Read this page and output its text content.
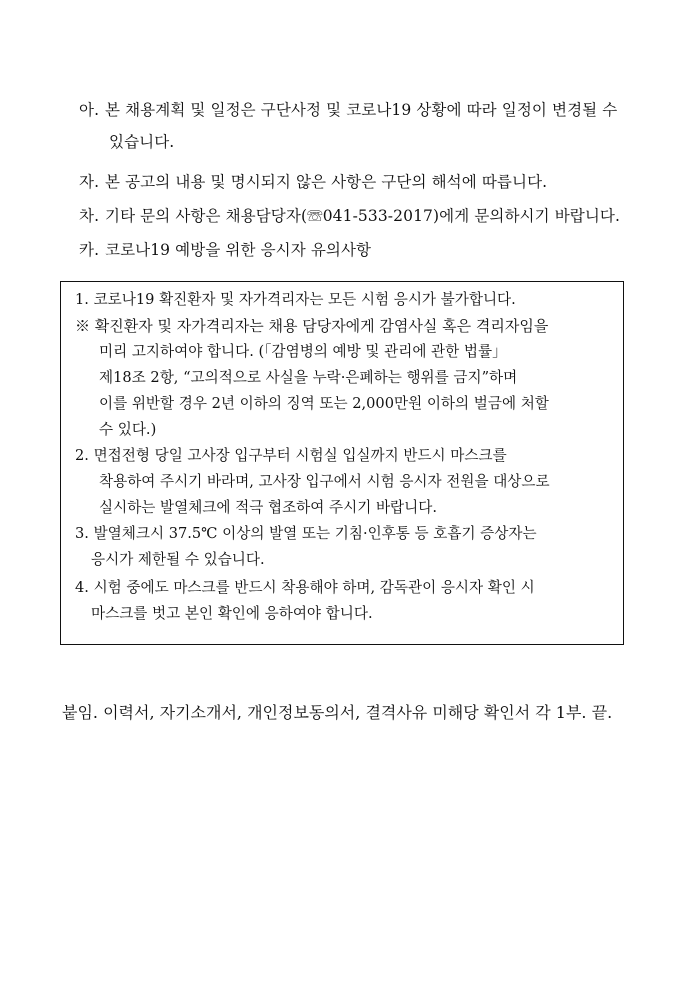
아. 본 채용계획 및 일정은 구단사정 및 코로나19 상황에 따라 일정이 변경될 수
있습니다.
자. 본 공고의 내용 및 명시되지 않은 사항은 구단의 해석에 따릅니다.
차. 기타 문의 사항은 채용담당자(☏041-533-2017)에게 문의하시기 바랍니다.
카. 코로나19 예방을 위한 응시자 유의사항
1. 코로나19 확진환자 및 자가격리자는 모든 시험 응시가 불가합니다.
※ 확진환자 및 자가격리자는 채용 담당자에게 감염사실 혹은 격리자임을
미리 고지하여야 합니다. (「감염병의 예방 및 관리에 관한 법률」
제18조 2항, “고의적으로 사실을 누락·은폐하는 행위를 금지”하며
이를 위반할 경우 2년 이하의 징역 또는 2,000만원 이하의 벌금에 처할
수 있다.)
2. 면접전형 당일 고사장 입구부터 시험실 입실까지 반드시 마스크를
착용하여 주시기 바라며, 고사장 입구에서 시험 응시자 전원을 대상으로
실시하는 발열체크에 적극 협조하여 주시기 바랍니다.
3. 발열체크시 37.5℃ 이상의 발열 또는 기침·인후통 등 호흡기 증상자는
응시가 제한될 수 있습니다.
4. 시험 중에도 마스크를 반드시 착용해야 하며, 감독관이 응시자 확인 시
마스크를 벗고 본인 확인에 응하여야 합니다.
붙임. 이력서, 자기소개서, 개인정보동의서, 결격사유 미해당 확인서 각 1부. 끝.
